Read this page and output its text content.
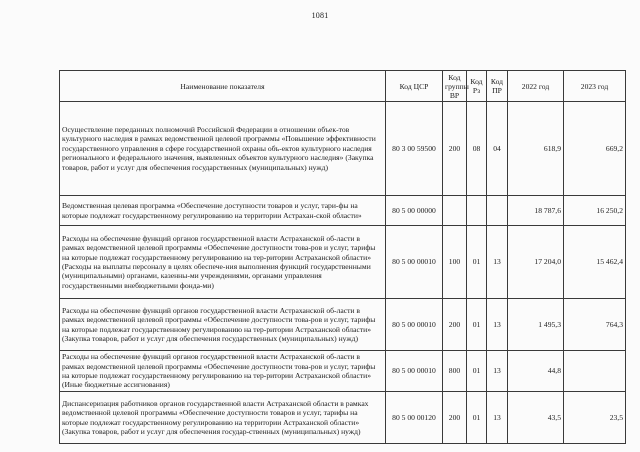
1081
Наименование показателя	Код ЦСР	Код группы ВР	Код Рз	Код ПР	2022 год	2023 год
Осуществление переданных полномочий Российской Федерации в отношении объек-тов культурного наследия в рамках ведомственной целевой программы «Повышение эффективности государственного управления в сфере государственной охраны объ-ектов культурного наследия регионального и федерального значения, выявленных объектов культурного наследия» (Закупка товаров, работ и услуг для обеспечения государственных (муниципальных) нужд)	80 3 00 59500	200	08	04	618,9	669,2
Ведомственная целевая программа «Обеспечение доступности товаров и услуг, тари-фы на которые подлежат государственному регулированию на территории Астрахан-ской области»	80 5 00 00000				18 787,6	16 250,2
Расходы на обеспечение функций органов государственной власти Астраханской об-ласти в рамках ведомственной целевой программы «Обеспечение доступности това-ров и услуг, тарифы на которые подлежат государственному регулированию на тер-ритории Астраханской области» (Расходы на выплаты персоналу в целях обеспече-ния выполнения функций государственными (муниципальными) органами, казенны-ми учреждениями, органами управления государственными внебюджетными фонда-ми)	80 5 00 00010	100	01	13	17 204,0	15 462,4
Расходы на обеспечение функций органов государственной власти Астраханской об-ласти в рамках ведомственной целевой программы «Обеспечение доступности това-ров и услуг, тарифы на которые подлежат государственному регулированию на тер-ритории Астраханской области» (Закупка товаров, работ и услуг для обеспечения государственных (муниципальных) нужд)	80 5 00 00010	200	01	13	1 495,3	764,3
Расходы на обеспечение функций органов государственной власти Астраханской об-ласти в рамках ведомственной целевой программы «Обеспечение доступности това-ров и услуг, тарифы на которые подлежат государственному регулированию на тер-ритории Астраханской области» (Иные бюджетные ассигнования)	80 5 00 00010	800	01	13	44,8	
Диспансеризация работников органов государственной власти Астраханской области в рамках ведомственной целевой программы «Обеспечение доступности товаров и услуг, тарифы на которые подлежат государственному регулированию на территории Астраханской области» (Закупка товаров, работ и услуг для обеспечения государ-ственных (муниципальных) нужд)	80 5 00 00120	200	01	13	43,5	23,5
